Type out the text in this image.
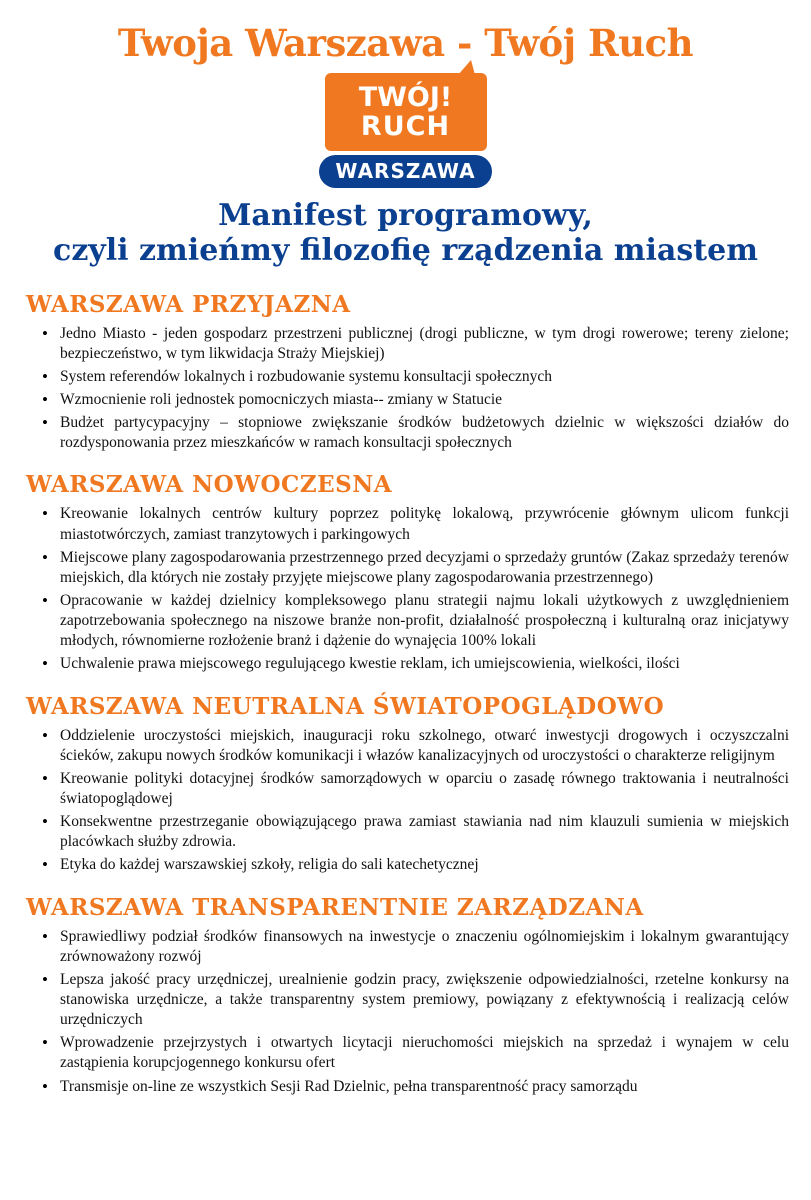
Twoja Warszawa - Twój Ruch
TWÓJ!
RUCH
WARSZAWA
Manifest programowy,
czyli zmieńmy filozofię rządzenia miastem
WARSZAWA PRZYJAZNA
• Jedno Miasto - jeden gospodarz przestrzeni publicznej (drogi publiczne, w tym drogi rowerowe; tereny zielone; bezpieczeństwo, w tym likwidacja Straży Miejskiej)
• System referendów lokalnych i rozbudowanie systemu konsultacji społecznych
• Wzmocnienie roli jednostek pomocniczych miasta-- zmiany w Statucie
• Budżet partycypacyjny – stopniowe zwiększanie środków budżetowych dzielnic w większości działów do rozdysponowania przez mieszkańców w ramach konsultacji społecznych
WARSZAWA NOWOCZESNA
• Kreowanie lokalnych centrów kultury poprzez politykę lokalową, przywrócenie głównym ulicom funkcji miastotwórczych, zamiast tranzytowych i parkingowych
• Miejscowe plany zagospodarowania przestrzennego przed decyzjami o sprzedaży gruntów (Zakaz sprzedaży terenów miejskich, dla których nie zostały przyjęte miejscowe plany zagospodarowania przestrzennego)
• Opracowanie w każdej dzielnicy kompleksowego planu strategii najmu lokali użytkowych z uwzględnieniem zapotrzebowania społecznego na niszowe branże non-profit, działalność prospołeczną i kulturalną oraz inicjatywy młodych, równomierne rozłożenie branż i dążenie do wynajęcia 100% lokali
• Uchwalenie prawa miejscowego regulującego kwestie reklam, ich umiejscowienia, wielkości, ilości
WARSZAWA NEUTRALNA ŚWIATOPOGLĄDOWO
• Oddzielenie uroczystości miejskich, inauguracji roku szkolnego, otwarć inwestycji drogowych i oczyszczalni ścieków, zakupu nowych środków komunikacji i włazów kanalizacyjnych od uroczystości o charakterze religijnym
• Kreowanie polityki dotacyjnej środków samorządowych w oparciu o zasadę równego traktowania i neutralności światopoglądowej
• Konsekwentne przestrzeganie obowiązującego prawa zamiast stawiania nad nim klauzuli sumienia w miejskich placówkach służby zdrowia.
• Etyka do każdej warszawskiej szkoły, religia do sali katechetycznej
WARSZAWA TRANSPARENTNIE ZARZĄDZANA
• Sprawiedliwy podział środków finansowych na inwestycje o znaczeniu ogólnomiejskim i lokalnym gwarantujący zrównoważony rozwój
• Lepsza jakość pracy urzędniczej, urealnienie godzin pracy, zwiększenie odpowiedzialności, rzetelne konkursy na stanowiska urzędnicze, a także transparentny system premiowy, powiązany z efektywnością i realizacją celów urzędniczych
• Wprowadzenie przejrzystych i otwartych licytacji nieruchomości miejskich na sprzedaż i wynajem w celu zastąpienia korupcjogennego konkursu ofert
• Transmisje on-line ze wszystkich Sesji Rad Dzielnic, pełna transparentność pracy samorządu
